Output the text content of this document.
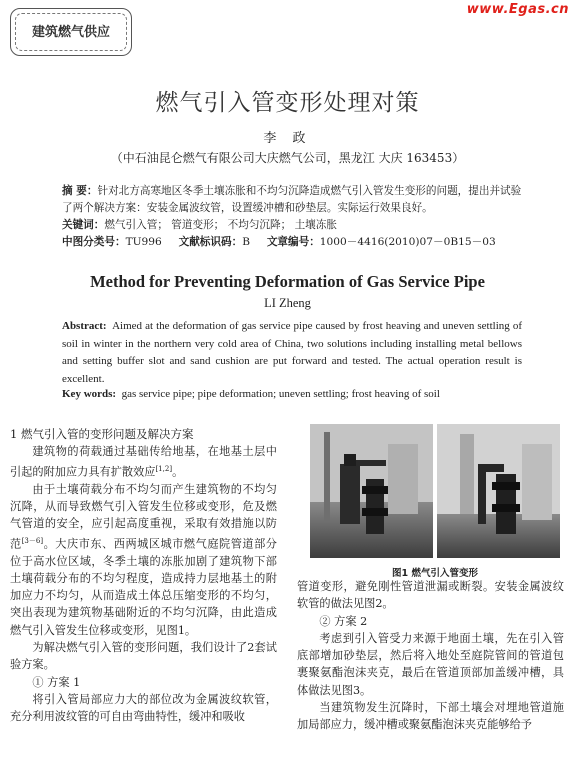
www.Egas.cn
建筑燃气供应
燃气引入管变形处理对策
李 政
（中石油昆仑燃气有限公司大庆燃气公司，黑龙江 大庆 163453）
摘 要：针对北方高寒地区冬季土壤冻胀和不均匀沉降造成燃气引入管发生变形的问题，提出并试验了两个解决方案：安装金属波纹管，设置缓冲槽和砂垫层。实际运行效果良好。
关键词：燃气引入管； 管道变形； 不均匀沉降； 土壤冻胀
中图分类号：TU996 文献标识码：B 文章编号：1000－4416(2010)07－0B15－03
Method for Preventing Deformation of Gas Service Pipe
LI Zheng
Abstract: Aimed at the deformation of gas service pipe caused by frost heaving and uneven settling of soil in winter in the northern very cold area of China, two solutions including installing metal bellows and setting buffer slot and sand cushion are put forward and tested. The actual operation result is excellent.
Key words: gas service pipe; pipe deformation; uneven settling; frost heaving of soil

1 燃气引入管的变形问题及解决方案

建筑物的荷载通过基础传给地基，在地基土层中引起的附加应力具有扩散效应[1,2]。

由于土壤荷载分布不均匀而产生建筑物的不均匀沉降，从而导致燃气引入管发生位移或变形，危及燃气管道的安全，应引起高度重视，采取有效措施以防范[3－6]。大庆市东、西两城区城市燃气庭院管道部分位于高水位区域，冬季土壤的冻胀加剧了建筑物下部土壤荷载分布的不均匀程度，造成持力层地基土的附加应力不均匀，从而造成土体总压缩变形的不均匀，突出表现为建筑物基础附近的不均匀沉降，由此造成燃气引入管发生位移或变形，见图1。

为解决燃气引入管的变形问题，我们设计了2套试验方案。

① 方案 1

将引入管局部应力大的部位改为金属波纹软管，充分利用波纹管的可自由弯曲特性，缓冲和吸收

图1 燃气引入管变形

管道变形，避免刚性管道泄漏或断裂。安装金属波纹软管的做法见图2。

② 方案 2

考虑到引入管受力来源于地面土壤，先在引入管底部增加砂垫层，然后将入地处至庭院管间的管道包裹聚氨酯泡沫夹克，最后在管道顶部加盖缓冲槽，具体做法见图3。

当建筑物发生沉降时，下部土壤会对埋地管道施加局部应力，缓冲槽或聚氨酯泡沫夹克能够给予
